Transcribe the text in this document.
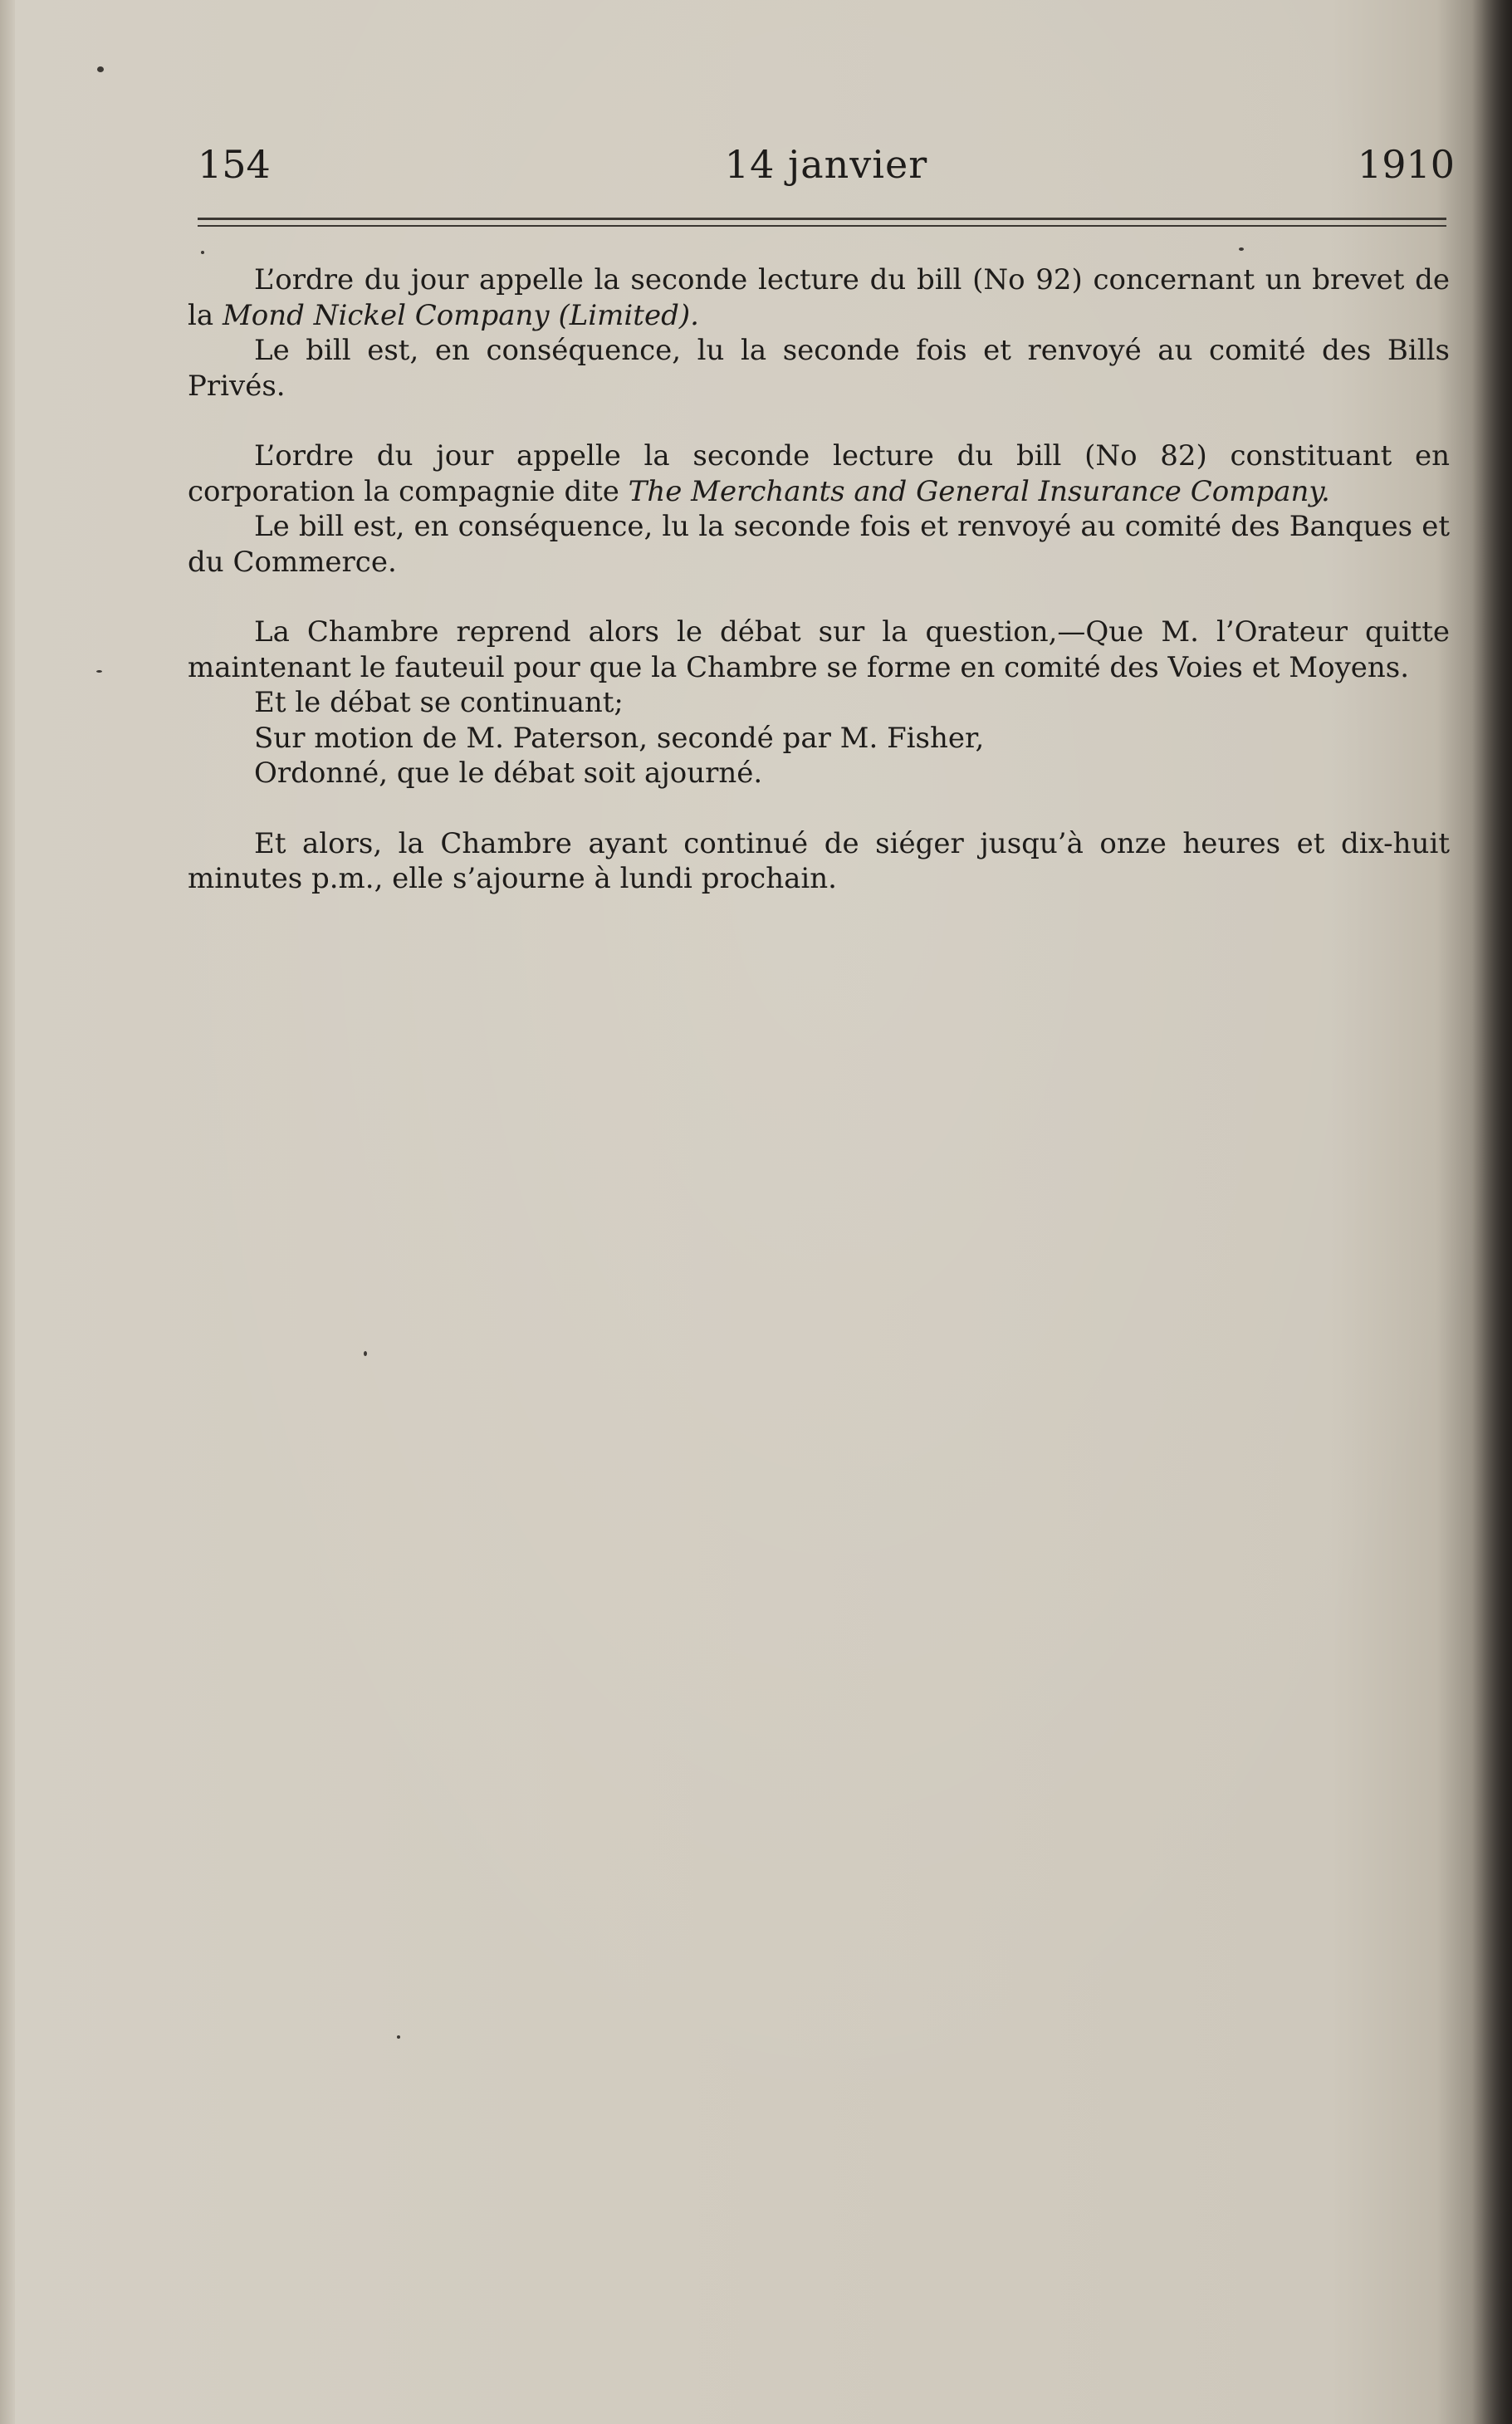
154	14 janvier	1910

L’ordre du jour appelle la seconde lecture du bill (No 92) concernant un brevet de la Mond Nickel Company (Limited).

Le bill est, en conséquence, lu la seconde fois et renvoyé au comité des Bills Privés.

L’ordre du jour appelle la seconde lecture du bill (No 82) constituant en corporation la compagnie dite The Merchants and General Insurance Company.

Le bill est, en conséquence, lu la seconde fois et renvoyé au comité des Banques et du Commerce.

La Chambre reprend alors le débat sur la question,—Que M. l’Orateur quitte maintenant le fauteuil pour que la Chambre se forme en comité des Voies et Moyens.

Et le débat se continuant;

Sur motion de M. Paterson, secondé par M. Fisher,

Ordonné, que le débat soit ajourné.

Et alors, la Chambre ayant continué de siéger jusqu’à onze heures et dix-huit minutes p.m., elle s’ajourne à lundi prochain.
